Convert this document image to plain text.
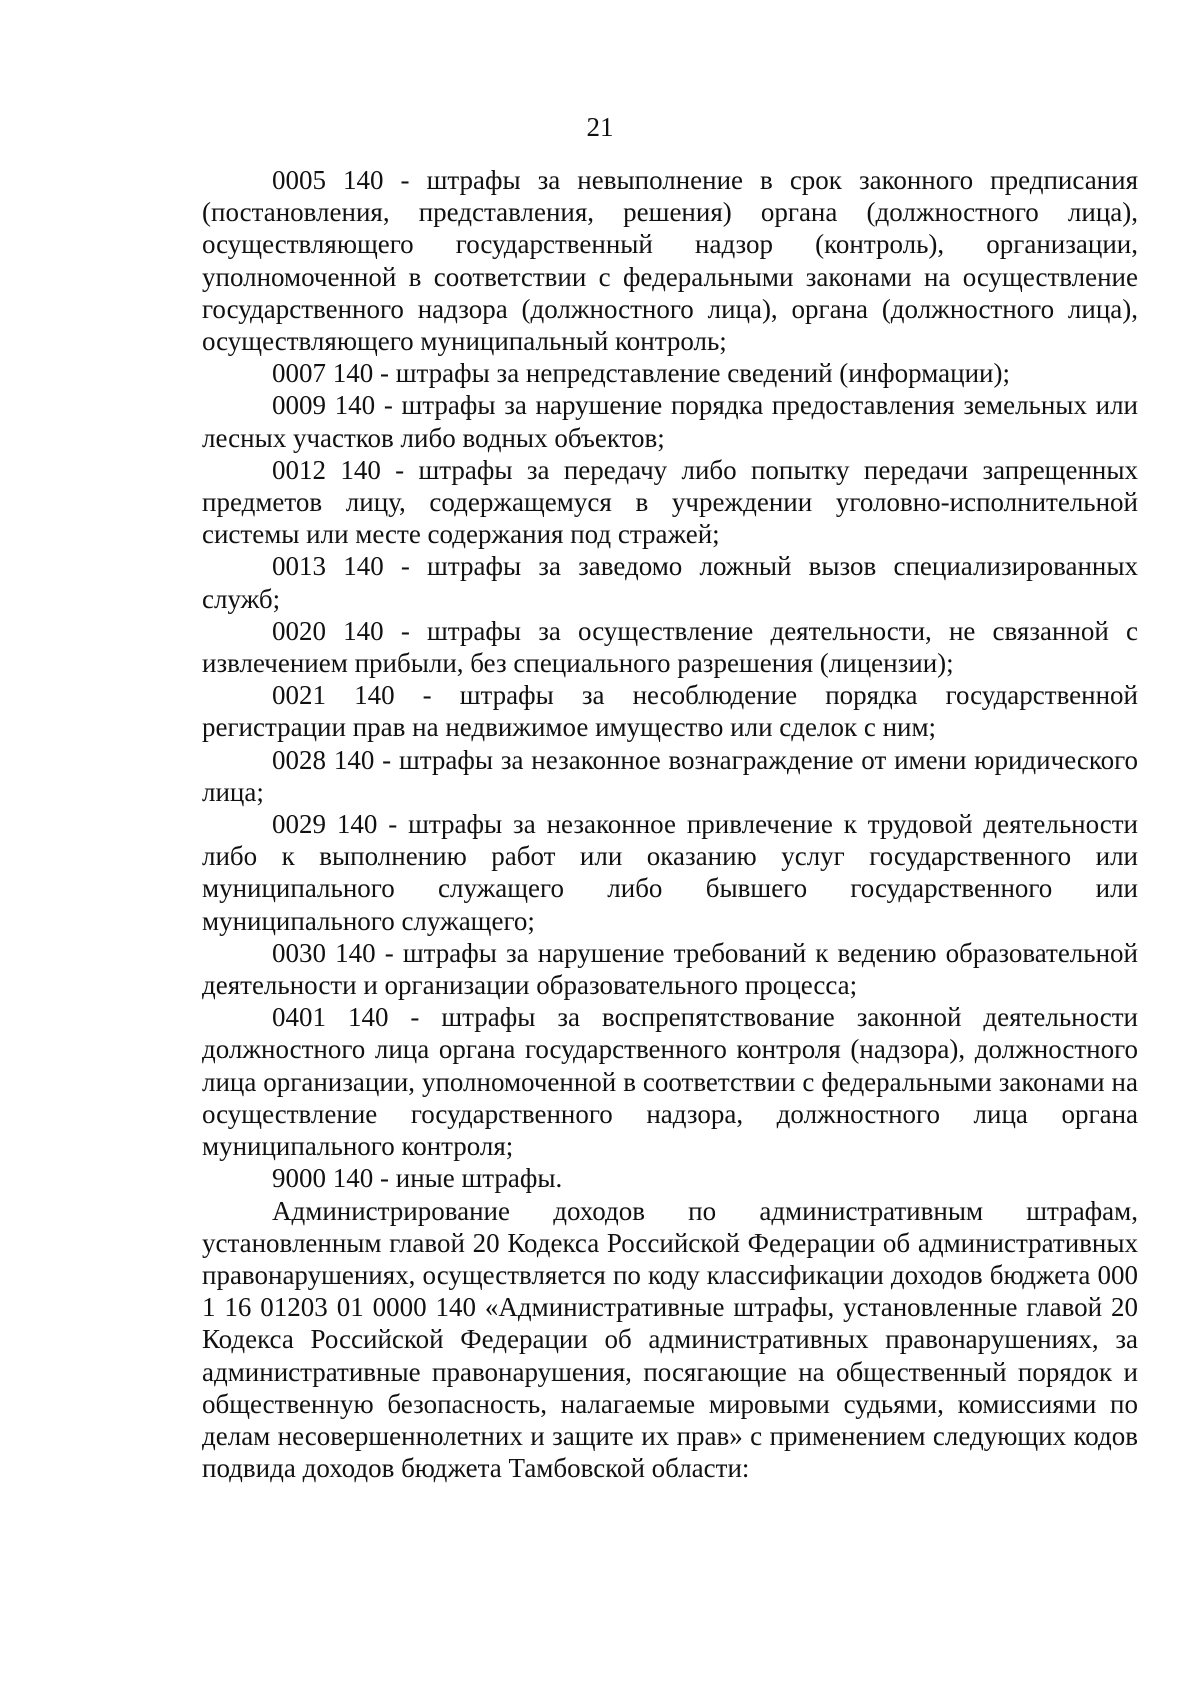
21

0005 140 - штрафы за невыполнение в срок законного предписания (постановления, представления, решения) органа (должностного лица), осуществляющего государственный надзор (контроль), организации, уполномоченной в соответствии с федеральными законами на осуществление государственного надзора (должностного лица), органа (должностного лица), осуществляющего муниципальный контроль;

0007 140 - штрафы за непредставление сведений (информации);

0009 140 - штрафы за нарушение порядка предоставления земельных или лесных участков либо водных объектов;

0012 140 - штрафы за передачу либо попытку передачи запрещенных предметов лицу, содержащемуся в учреждении уголовно-исполнительной системы или месте содержания под стражей;

0013 140 - штрафы за заведомо ложный вызов специализированных служб;

0020 140 - штрафы за осуществление деятельности, не связанной с извлечением прибыли, без специального разрешения (лицензии);

0021 140 - штрафы за несоблюдение порядка государственной регистрации прав на недвижимое имущество или сделок с ним;

0028 140 - штрафы за незаконное вознаграждение от имени юридического лица;

0029 140 - штрафы за незаконное привлечение к трудовой деятельности либо к выполнению работ или оказанию услуг государственного или муниципального служащего либо бывшего государственного или муниципального служащего;

0030 140 - штрафы за нарушение требований к ведению образовательной деятельности и организации образовательного процесса;

0401 140 - штрафы за воспрепятствование законной деятельности должностного лица органа государственного контроля (надзора), должностного лица организации, уполномоченной в соответствии с федеральными законами на осуществление государственного надзора, должностного лица органа муниципального контроля;

9000 140 - иные штрафы.

Администрирование доходов по административным штрафам, установленным главой 20 Кодекса Российской Федерации об административных правонарушениях, осуществляется по коду классификации доходов бюджета 000 1 16 01203 01 0000 140 «Административные штрафы, установленные главой 20 Кодекса Российской Федерации об административных правонарушениях, за административные правонарушения, посягающие на общественный порядок и общественную безопасность, налагаемые мировыми судьями, комиссиями по делам несовершеннолетних и защите их прав» с применением следующих кодов подвида доходов бюджета Тамбовской области:
